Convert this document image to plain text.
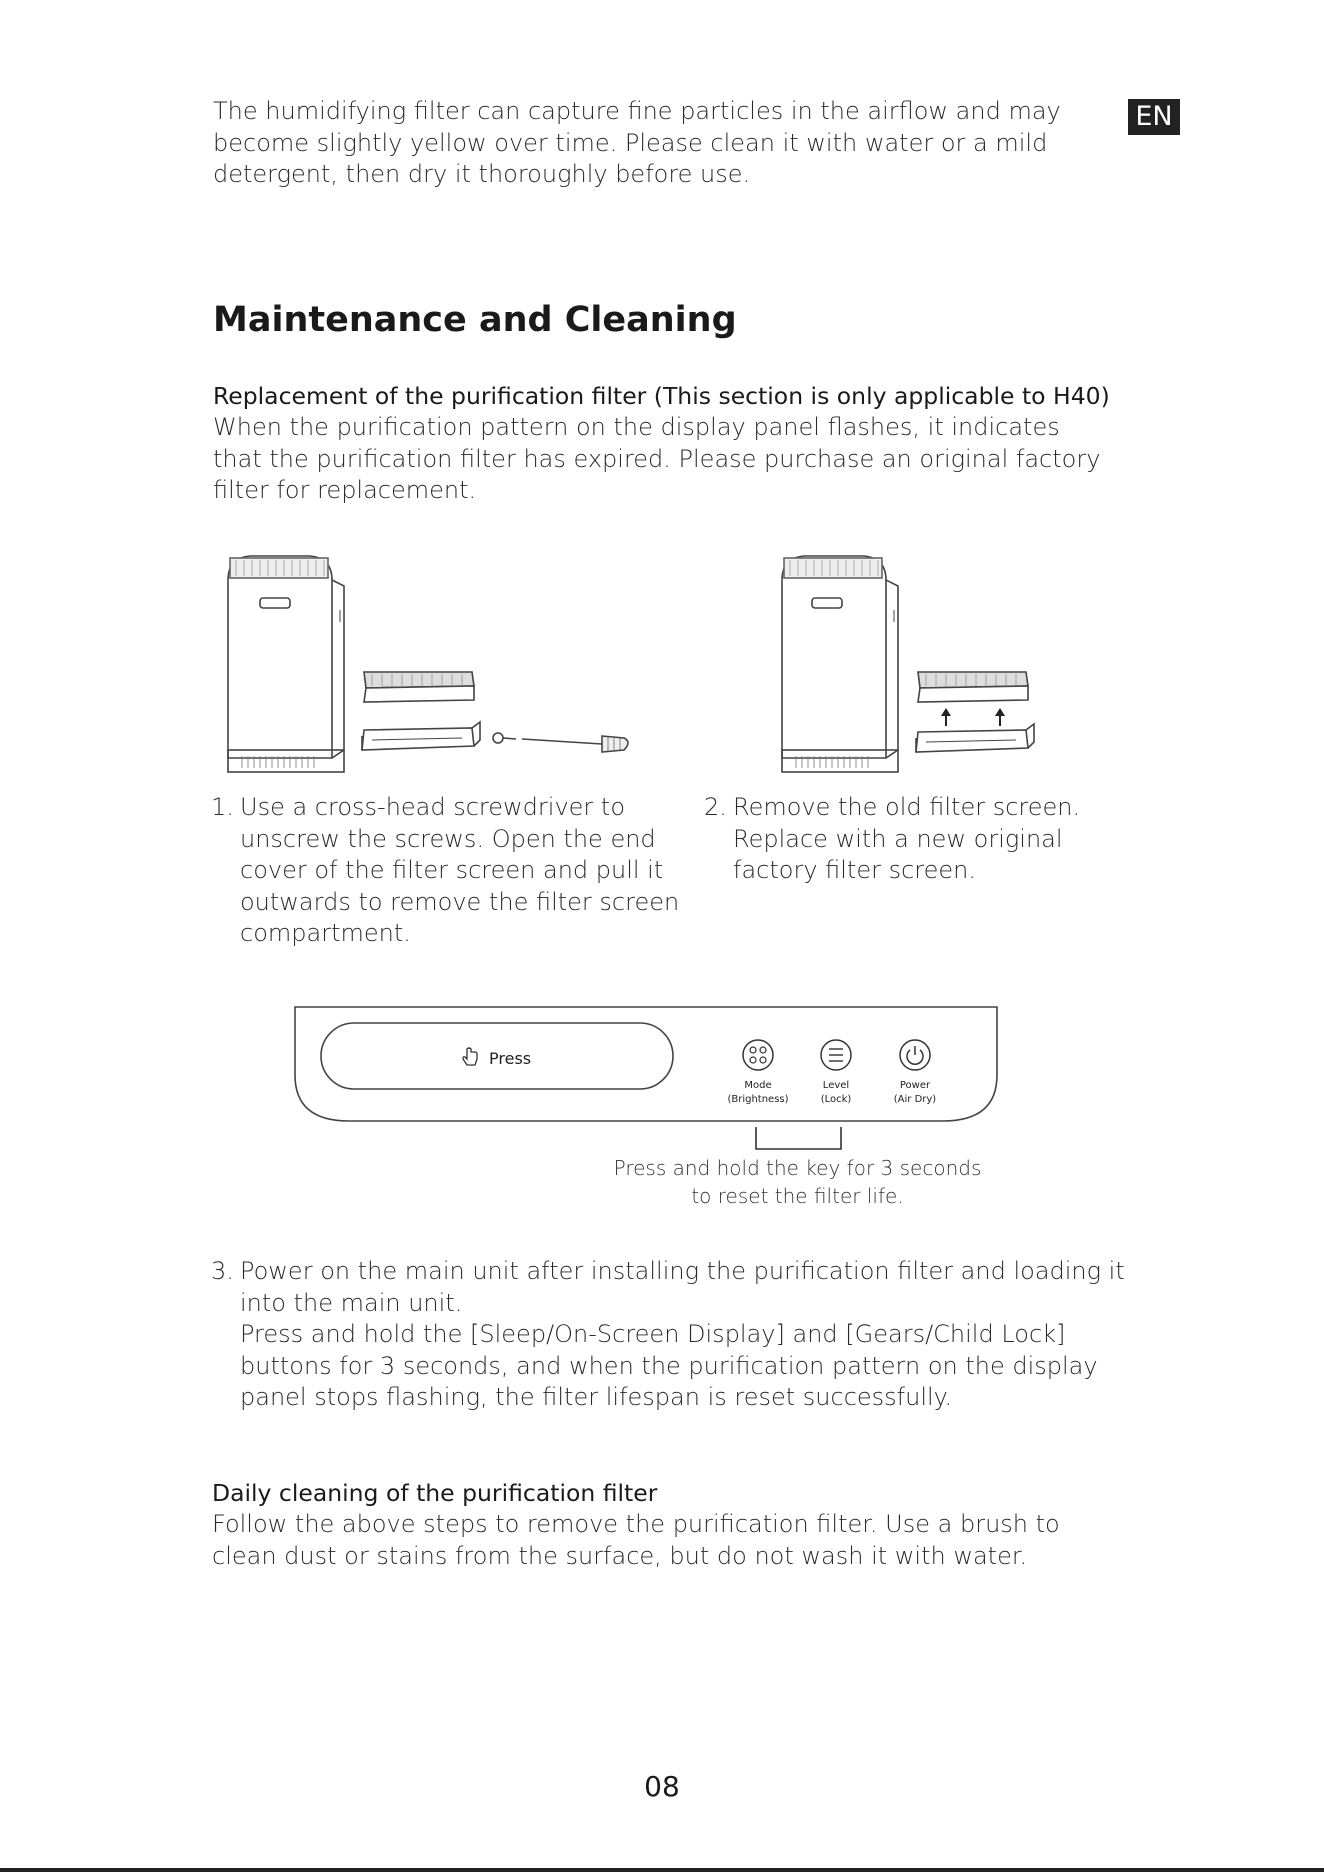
The humidifying filter can capture fine particles in the airflow and may become slightly yellow over time. Please clean it with water or a mild detergent, then dry it thoroughly before use.
EN
Maintenance and Cleaning
Replacement of the purification filter (This section is only applicable to H40)
When the purification pattern on the display panel flashes, it indicates that the purification filter has expired. Please purchase an original factory filter for replacement.
1. Use a cross-head screwdriver to unscrew the screws. Open the end cover of the filter screen and pull it outwards to remove the filter screen compartment.
2. Remove the old filter screen. Replace with a new original factory filter screen.
Press
Mode
(Brightness)
Level
(Lock)
Power
(Air Dry)
Press and hold the key for 3 seconds
to reset the filter life.
3. Power on the main unit after installing the purification filter and loading it into the main unit.
Press and hold the [Sleep/On-Screen Display] and [Gears/Child Lock] buttons for 3 seconds, and when the purification pattern on the display panel stops flashing, the filter lifespan is reset successfully.
Daily cleaning of the purification filter
Follow the above steps to remove the purification filter. Use a brush to clean dust or stains from the surface, but do not wash it with water.
08
